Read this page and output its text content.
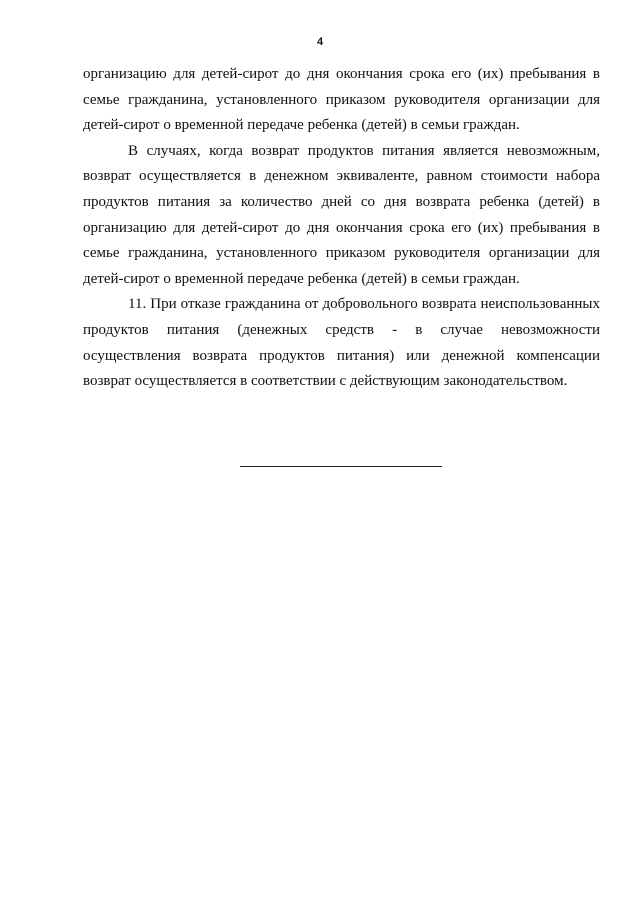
4

организацию для детей-сирот до дня окончания срока его (их) пребывания в семье гражданина, установленного приказом руководителя организации для детей-сирот о временной передаче ребенка (детей) в семьи граждан.

В случаях, когда возврат продуктов питания является невозможным, возврат осуществляется в денежном эквиваленте, равном стоимости набора продуктов питания за количество дней со дня возврата ребенка (детей) в организацию для детей-сирот до дня окончания срока его (их) пребывания в семье гражданина, установленного приказом руководителя организации для детей-сирот о временной передаче ребенка (детей) в семьи граждан.

11. При отказе гражданина от добровольного возврата неиспользованных продуктов питания (денежных средств - в случае невозможности осуществления возврата продуктов питания) или денежной компенсации возврат осуществляется в соответствии с действующим законодательством.
